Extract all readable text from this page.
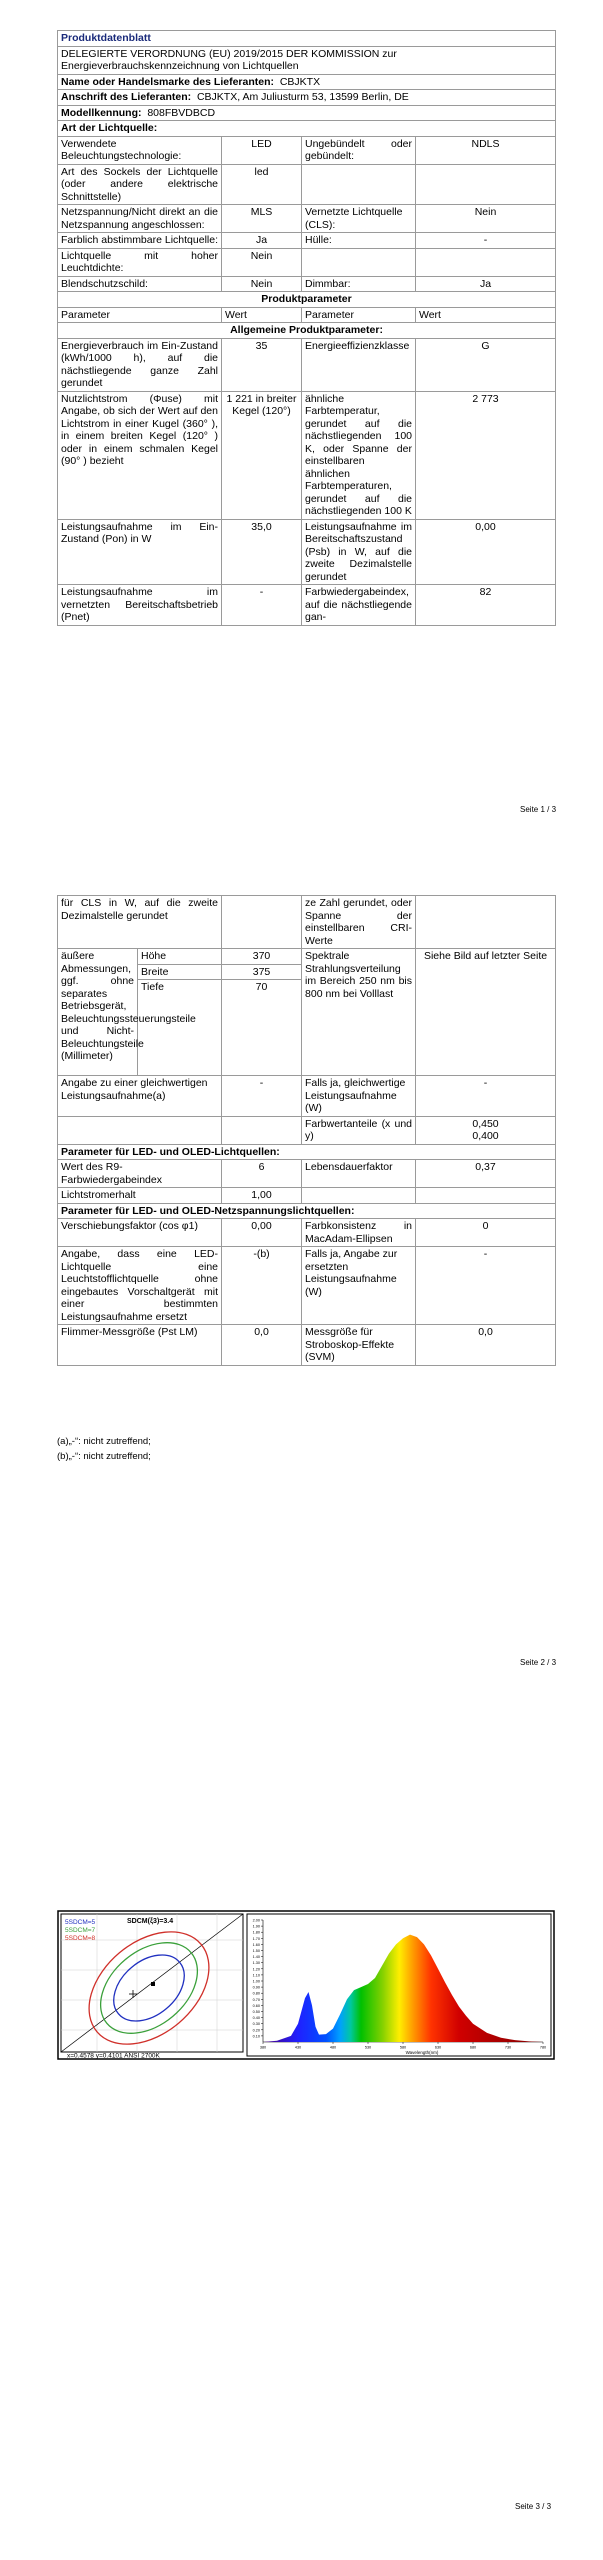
Produktdatenblatt			
DELEGIERTE VERORDNUNG (EU) 2019/2015 DER KOMMISSION zur Energieverbrauchskennzeichnung von Lichtquellen			
Name oder Handelsmarke des Lieferanten: CBJKTX			
Anschrift des Lieferanten: CBJKTX, Am Juliusturm 53, 13599 Berlin, DE			
Modellkennung: 808FBVDBCD			
Art der Lichtquelle:			
Verwendete Beleuchtungstechnologie:	LED	Ungebündelt oder gebündelt:	NDLS
Art des Sockels der Lichtquelle (oder andere elektrische Schnittstelle)	led		
Netzspannung/Nicht direkt an die Netzspannung angeschlossen:	MLS	Vernetzte Lichtquelle (CLS):	Nein
Farblich abstimmbare Lichtquelle:	Ja	Hülle:	-
Lichtquelle mit hoher Leuchtdichte:	Nein		
Blendschutzschild:	Nein	Dimmbar:	Ja
Produktparameter			
Parameter	Wert	Parameter	Wert
Allgemeine Produktparameter:			
Energieverbrauch im Ein-Zustand (kWh/1000 h), auf die nächstliegende ganze Zahl gerundet	35	Energieeffizienzklasse	G
Nutzlichtstrom (Φuse) mit Angabe, ob sich der Wert auf den Lichtstrom in einer Kugel (360° ), in einem breiten Kegel (120° ) oder in einem schmalen Kegel (90° ) bezieht	1 221 in breiter Kegel (120°)	ähnliche Farbtemperatur, gerundet auf die nächstliegenden 100 K, oder Spanne der einstellbaren ähnlichen Farbtemperaturen, gerundet auf die nächstliegenden 100 K	2 773
Leistungsaufnahme im Ein-Zustand (Pon) in W	35,0	Leistungsaufnahme im Bereitschaftszustand (Psb) in W, auf die zweite Dezimalstelle gerundet	0,00
Leistungsaufnahme im vernetzten Bereitschaftsbetrieb (Pnet)	-	Farbwiedergabeindex, auf die nächstliegende gan-	82
Seite 1 / 3
für CLS in W, auf die zweite Dezimalstelle gerundet			ze Zahl gerundet, oder Spanne der einstellbaren CRI-Werte	
äußere Abmessungen, ggf. ohne separates Betriebsgerät, Beleuchtungssteuerungsteile und Nicht-Beleuchtungsteile (Millimeter)	Höhe	370	Spektrale Strahlungsverteilung im Bereich 250 nm bis 800 nm bei Volllast	Siehe Bild auf letzter Seite
	Breite	375		
	Tiefe	70		
Angabe zu einer gleichwertigen Leistungsaufnahme(a)		-	Falls ja, gleichwertige Leistungsaufnahme (W)	-
			Farbwertanteile (x und y)	0,450
0,400
Parameter für LED- und OLED-Lichtquellen:				
Wert des R9-Farbwiedergabeindex		6	Lebensdauerfaktor	0,37
Lichtstromerhalt		1,00		
Parameter für LED- und OLED-Netzspannungslichtquellen:				
Verschiebungsfaktor (cos φ1)		0,00	Farbkonsistenz in MacAdam-Ellipsen	0
Angabe, dass eine LED-Lichtquelle eine Leuchtstofflichtquelle ohne eingebautes Vorschaltgerät mit einer bestimmten Leistungsaufnahme ersetzt		-(b)	Falls ja, Angabe zur ersetzten Leistungsaufnahme (W)	-
Flimmer-Messgröße (Pst LM)		0,0	Messgröße für Stroboskop-Effekte (SVM)	0,0
(a)„-“: nicht zutreffend;
(b)„-“: nicht zutreffend;
Seite 2 / 3
5SDCM=5
5SDCM=7
5SDCM=8
SDCM(ξ3)=3.4
x=0.4578 y=0.4101 ANSI 2700K
0.10
0.20
0.30
0.40
0.50
0.60
0.70
0.80
0.90
1.00
1.10
1.20
1.30
1.40
1.50
1.60
1.70
1.80
1.90
2.00
380	430	480	530	580	630	680	730	780
Wavelength(nm)
Seite 3 / 3
